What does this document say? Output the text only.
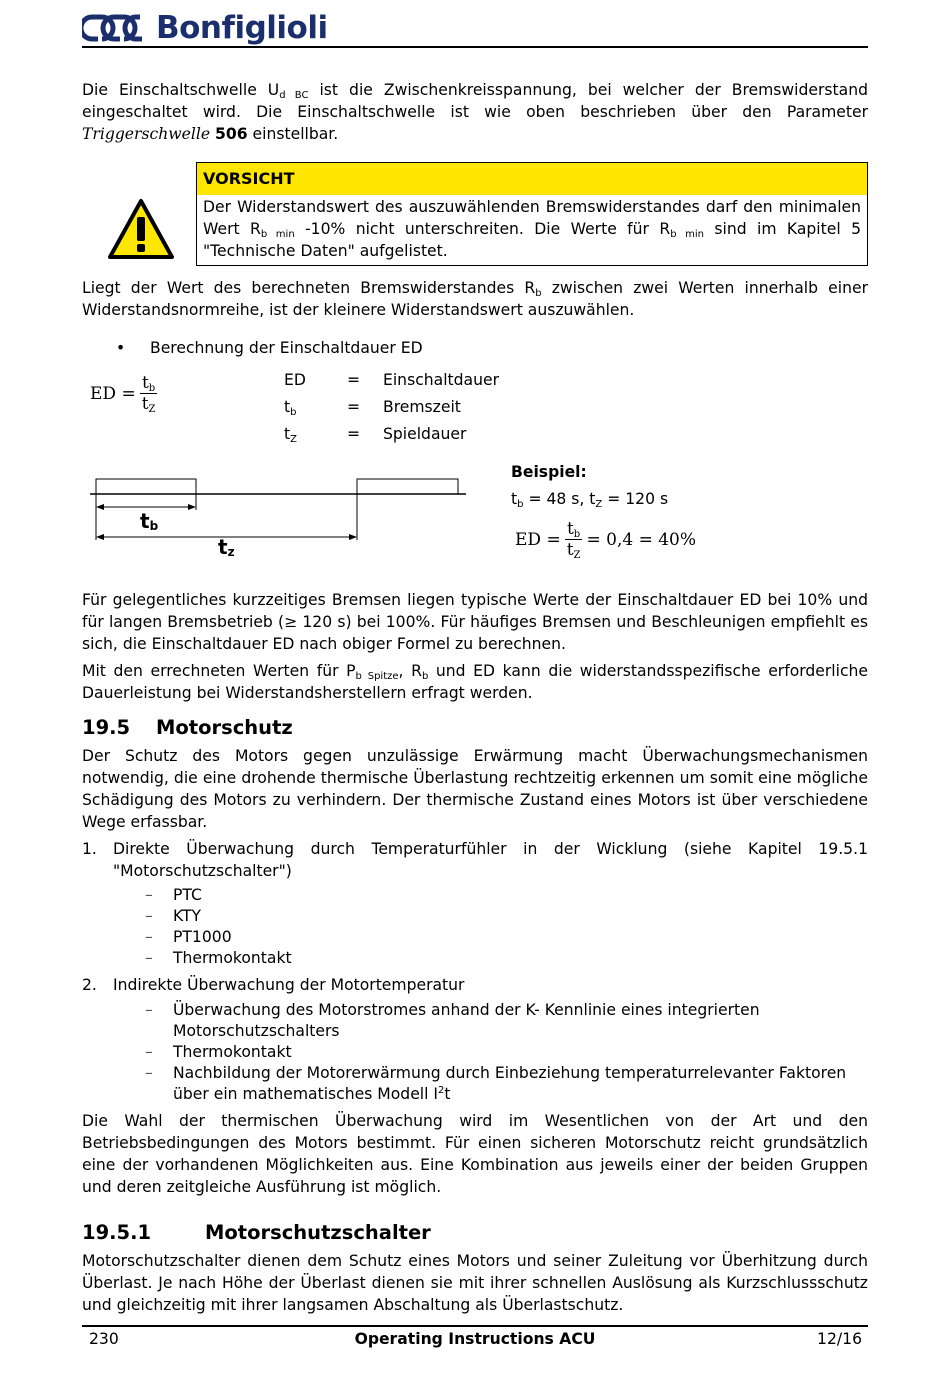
Bonfiglioli
Die Einschaltschwelle $U_{d BC}$ ist die Zwischenkreisspannung, bei welcher der Bremswiderstand eingeschaltet wird. Die Einschaltschwelle ist wie oben beschrieben über den Parameter Triggerschwelle 506 einstellbar.
VORSICHT
Der Widerstandswert des auszuwählenden Bremswiderstandes darf den minimalen Wert $R_{b min}$ -10% nicht unterschreiten. Die Werte für $R_{b min}$ sind im Kapitel 5 "Technische Daten" aufgelistet.
Liegt der Wert des berechneten Bremswiderstandes $R_b$ zwischen zwei Werten innerhalb einer Widerstandsnormreihe, ist der kleinere Widerstandswert auszuwählen.
• Berechnung der Einschaltdauer ED
ED = $\frac{t_b}{t_Z}$	ED	=	Einschaltdauer
$t_b$	=	Bremszeit
$t_Z$	=	Spieldauer
tb
tz
Beispiel:
$t_b = 48$ s, $t_Z = 120$ s
ED = $\frac{t_b}{t_Z} = 0,4 = 40\%$
Für gelegentliches kurzzeitiges Bremsen liegen typische Werte der Einschaltdauer ED bei 10% und für langen Bremsbetrieb (≥ 120 s) bei 100%. Für häufiges Bremsen und Beschleunigen empfiehlt es sich, die Einschaltdauer ED nach obiger Formel zu berechnen.
Mit den errechneten Werten für $P_{b Spitze}$, $R_b$ und ED kann die widerstandsspezifische erforderliche Dauerleistung bei Widerstandsherstellern erfragt werden.
19.5 Motorschutz
Der Schutz des Motors gegen unzulässige Erwärmung macht Überwachungsmechanismen notwendig, die eine drohende thermische Überlastung rechtzeitig erkennen um somit eine mögliche Schädigung des Motors zu verhindern. Der thermische Zustand eines Motors ist über verschiedene Wege erfassbar.
1. Direkte Überwachung durch Temperaturfühler in der Wicklung (siehe Kapitel 19.5.1 "Motorschutzschalter")
–	PTC
–	KTY
–	PT1000
–	Thermokontakt
2. Indirekte Überwachung der Motortemperatur
–	Überwachung des Motorstromes anhand der K- Kennlinie eines integrierten Motorschutzschalters
–	Thermokontakt
–	Nachbildung der Motorerwärmung durch Einbeziehung temperaturrelevanter Faktoren über ein mathematisches Modell $I^2t$
Die Wahl der thermischen Überwachung wird im Wesentlichen von der Art und den Betriebsbedingungen des Motors bestimmt. Für einen sicheren Motorschutz reicht grundsätzlich eine der vorhandenen Möglichkeiten aus. Eine Kombination aus jeweils einer der beiden Gruppen und deren zeitgleiche Ausführung ist möglich.
19.5.1	Motorschutzschalter
Motorschutzschalter dienen dem Schutz eines Motors und seiner Zuleitung vor Überhitzung durch Überlast. Je nach Höhe der Überlast dienen sie mit ihrer schnellen Auslösung als Kurzschlussschutz und gleichzeitig mit ihrer langsamen Abschaltung als Überlastschutz.
230	Operating Instructions ACU	12/16
